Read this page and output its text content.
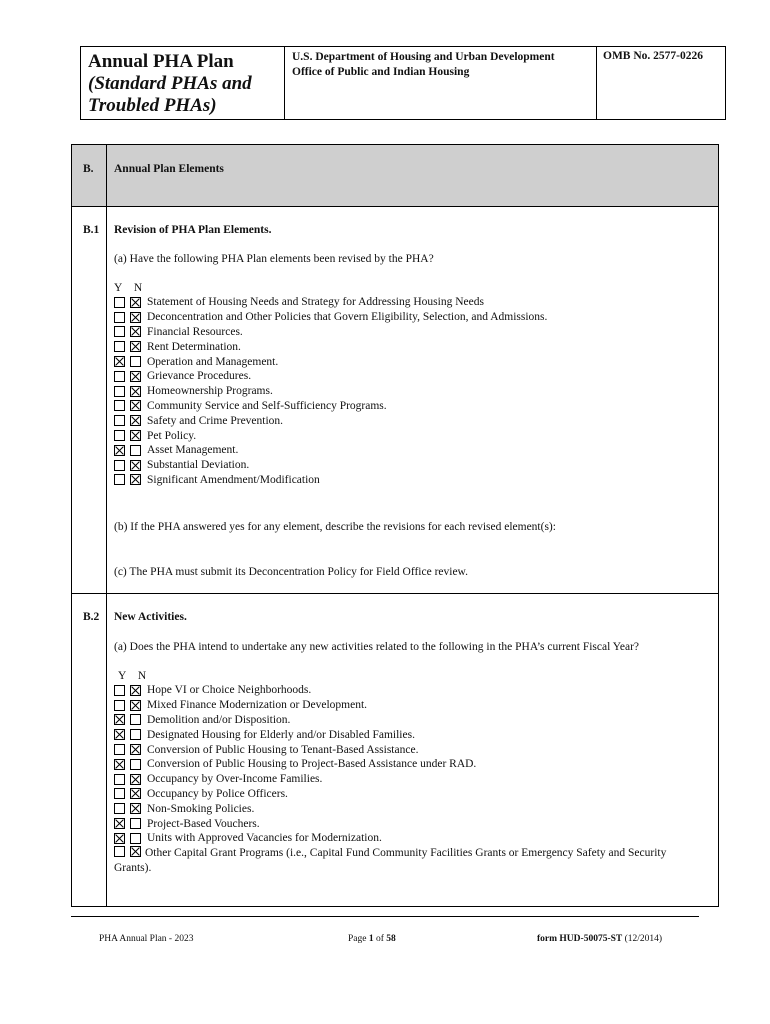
Annual PHA Plan
(Standard PHAs and
Troubled PHAs)
U.S. Department of Housing and Urban Development
Office of Public and Indian Housing
OMB No. 2577-0226
B. Annual Plan Elements
B.1 Revision of PHA Plan Elements.
(a) Have the following PHA Plan elements been revised by the PHA?
Y N
Statement of Housing Needs and Strategy for Addressing Housing Needs
Deconcentration and Other Policies that Govern Eligibility, Selection, and Admissions.
Financial Resources.
Rent Determination.
Operation and Management.
Grievance Procedures.
Homeownership Programs.
Community Service and Self-Sufficiency Programs.
Safety and Crime Prevention.
Pet Policy.
Asset Management.
Substantial Deviation.
Significant Amendment/Modification
(b) If the PHA answered yes for any element, describe the revisions for each revised element(s):
(c) The PHA must submit its Deconcentration Policy for Field Office review.
B.2 New Activities.
(a) Does the PHA intend to undertake any new activities related to the following in the PHA’s current Fiscal Year?
Y N
Hope VI or Choice Neighborhoods.
Mixed Finance Modernization or Development.
Demolition and/or Disposition.
Designated Housing for Elderly and/or Disabled Families.
Conversion of Public Housing to Tenant-Based Assistance.
Conversion of Public Housing to Project-Based Assistance under RAD.
Occupancy by Over-Income Families.
Occupancy by Police Officers.
Non-Smoking Policies.
Project-Based Vouchers.
Units with Approved Vacancies for Modernization.
Other Capital Grant Programs (i.e., Capital Fund Community Facilities Grants or Emergency Safety and Security Grants).
PHA Annual Plan - 2023	Page 1 of 58	form HUD-50075-ST (12/2014)
